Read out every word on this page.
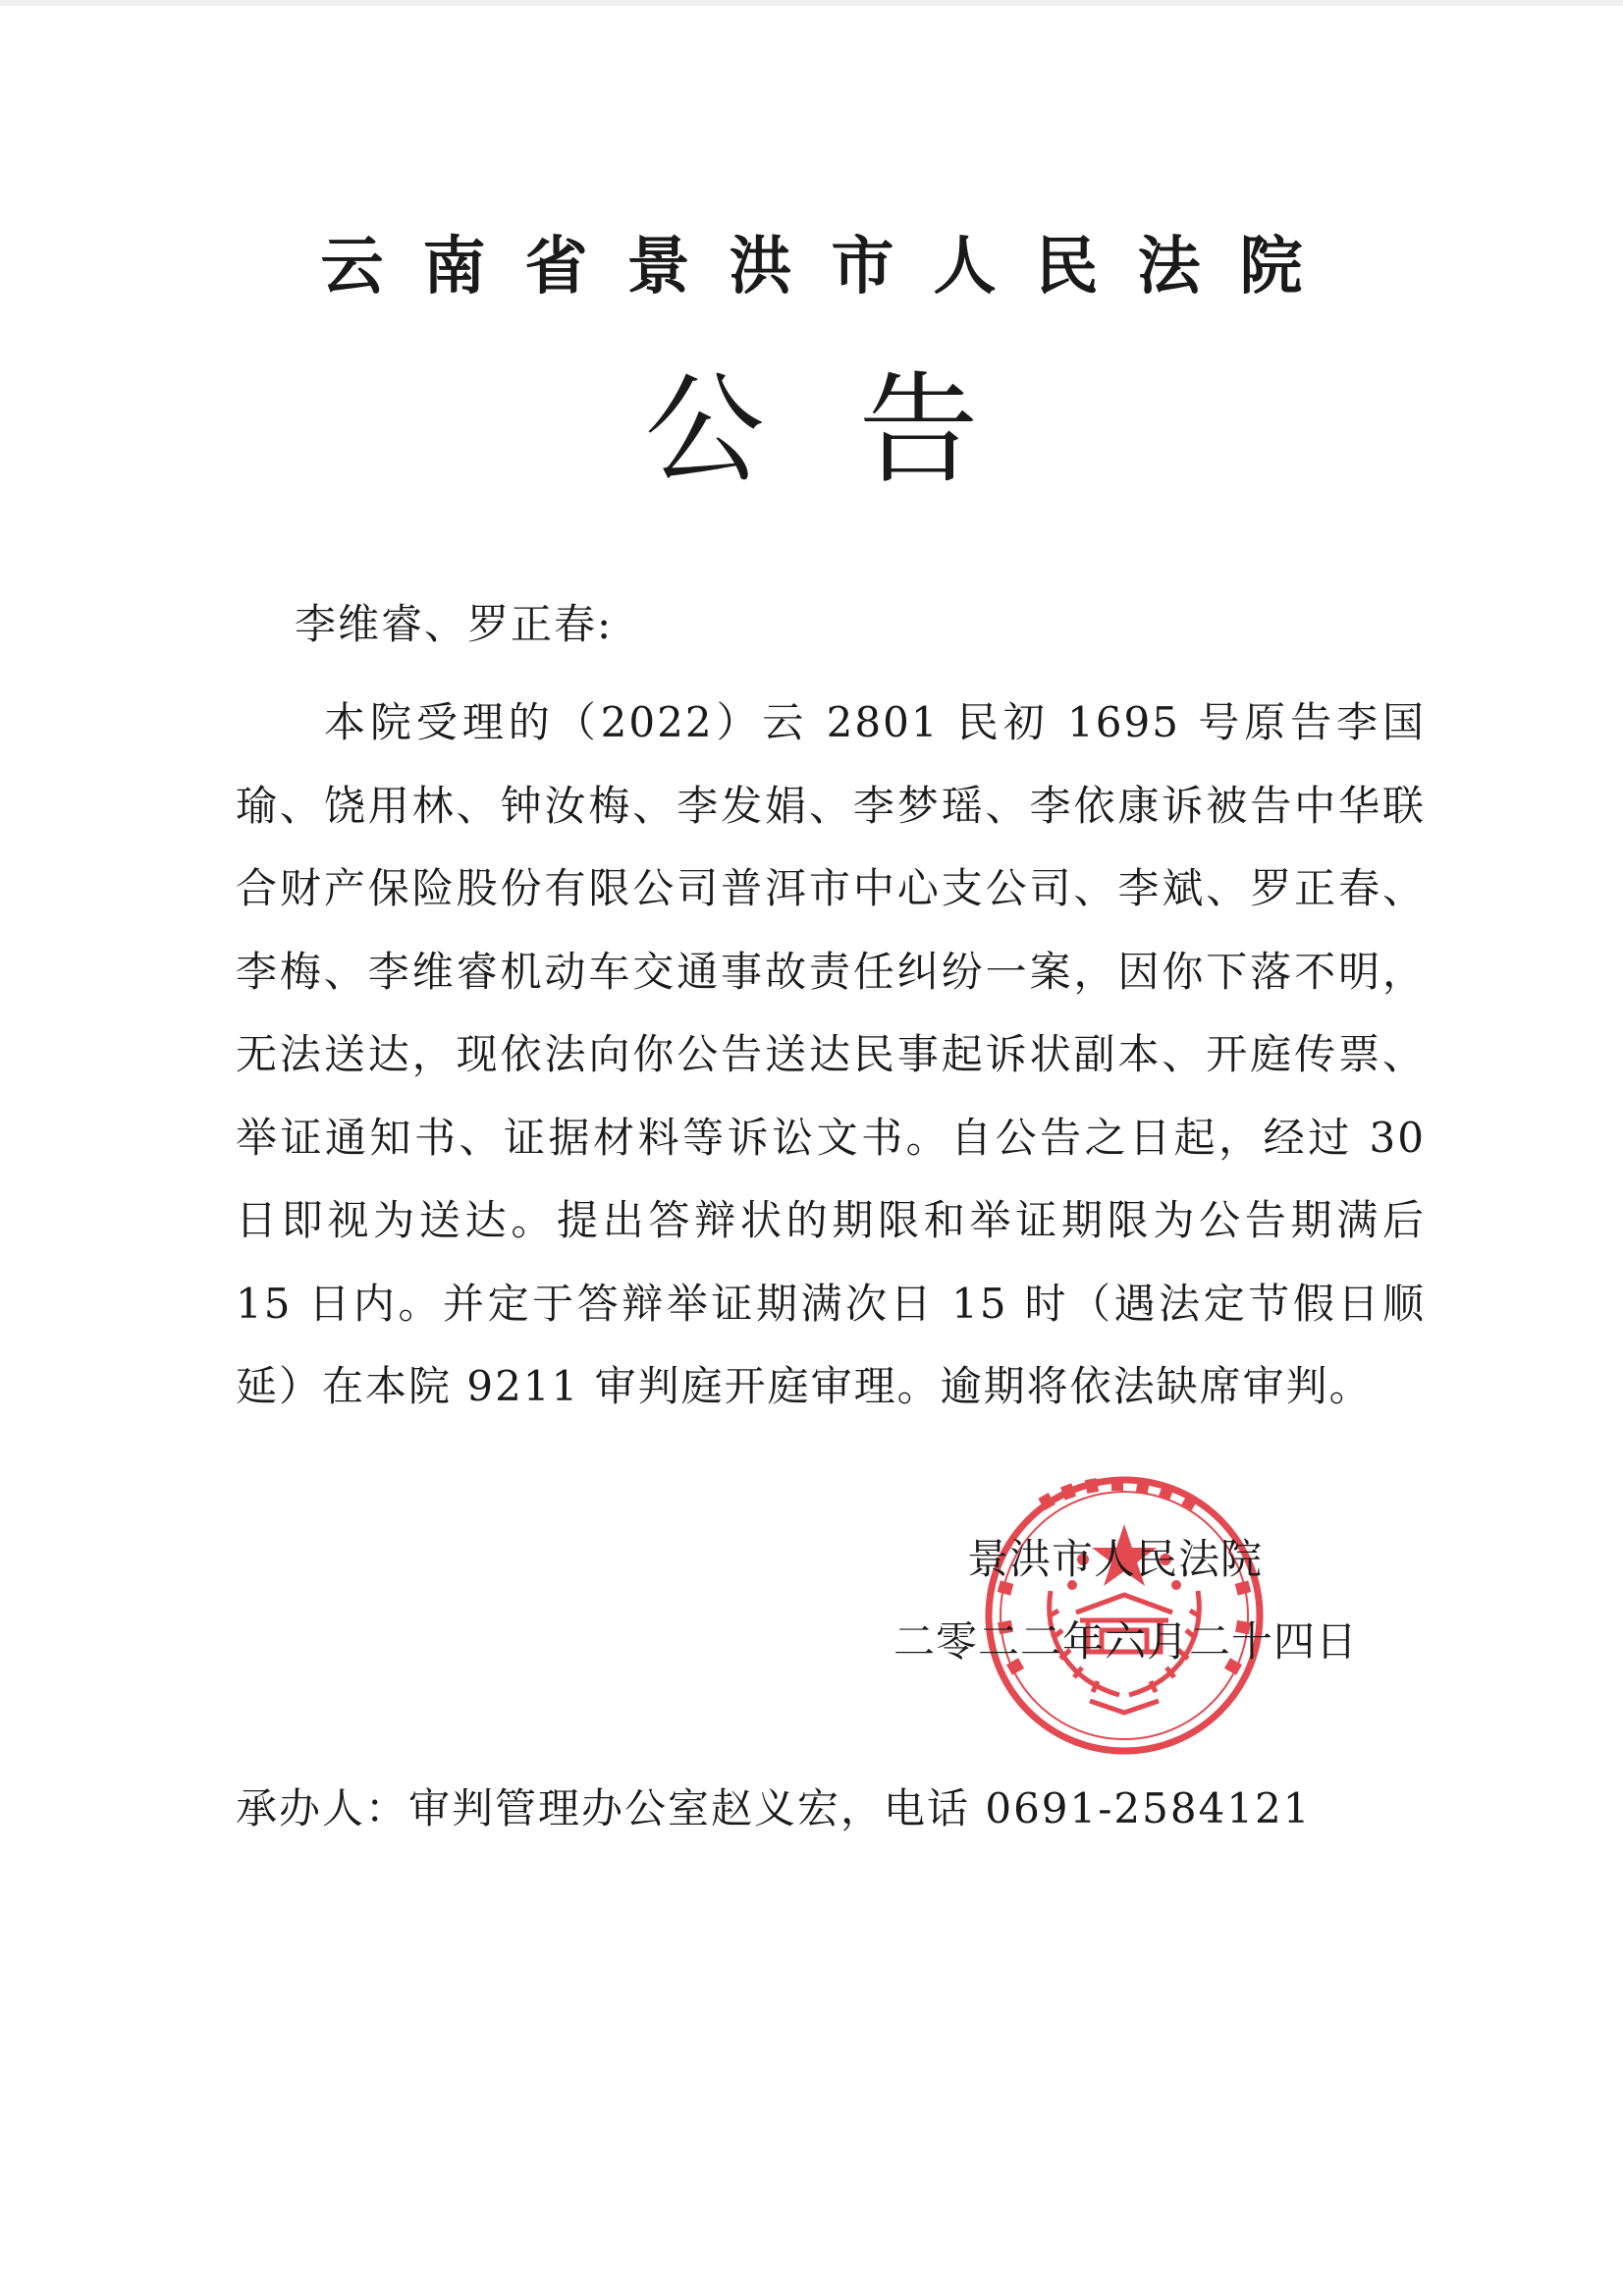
云南省景洪市人民法院
公告
李维睿、罗正春:
本院受理的（2022）云 2801 民初 1695 号原告李国瑜、饶用林、钟汝梅、李发娟、李梦瑶、李依康诉被告中华联合财产保险股份有限公司普洱市中心支公司、李斌、罗正春、李梅、李维睿机动车交通事故责任纠纷一案，因你下落不明，无法送达，现依法向你公告送达民事起诉状副本、开庭传票、举证通知书、证据材料等诉讼文书。自公告之日起，经过 30 日即视为送达。提出答辩状的期限和举证期限为公告期满后 15 日内。并定于答辩举证期满次日 15 时（遇法定节假日顺延）在本院 9211 审判庭开庭审理。逾期将依法缺席审判。
景洪市人民法院
二零二二年六月二十四日
承办人：审判管理办公室赵义宏，电话 0691-2584121
